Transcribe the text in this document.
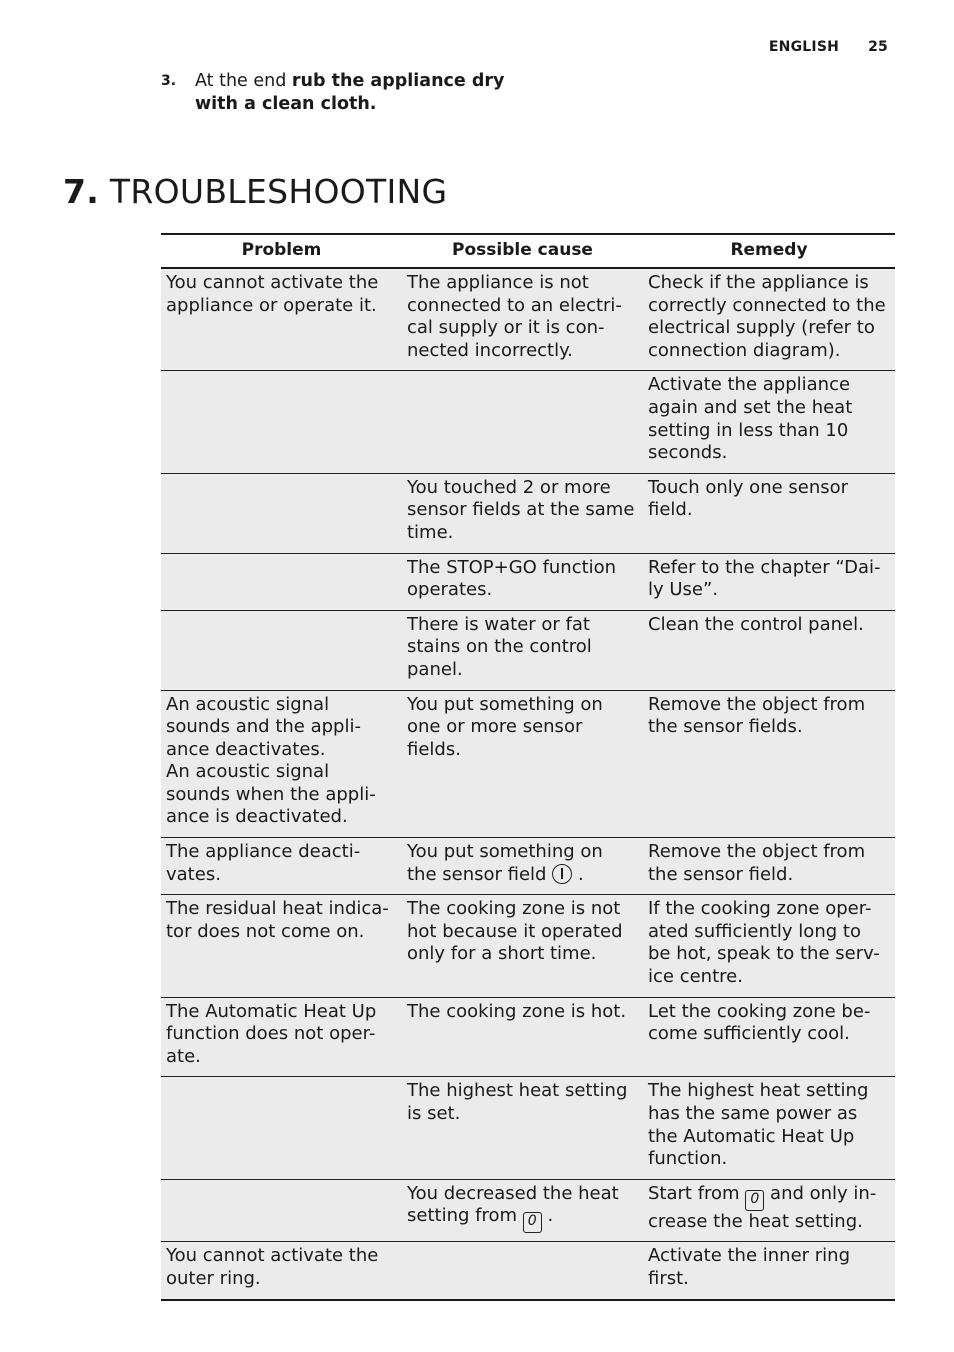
ENGLISH 25
3. At the end rub the appliance dry with a clean cloth.
7. TROUBLESHOOTING
Problem	Possible cause	Remedy
You cannot activate the appliance or operate it.	The appliance is not connected to an electri-cal supply or it is con-nected incorrectly.	Check if the appliance is correctly connected to the electrical supply (refer to connection diagram).
		Activate the appliance again and set the heat setting in less than 10 seconds.
	You touched 2 or more sensor fields at the same time.	Touch only one sensor field.
	The STOP+GO function operates.	Refer to the chapter “Dai-ly Use”.
	There is water or fat stains on the control panel.	Clean the control panel.

An acoustic signal sounds and the appli-ance deactivates.
An acoustic signal sounds when the appli-ance is deactivated.	You put something on one or more sensor fields.	Remove the object from the sensor fields.
The appliance deacti-vates.	You put something on the sensor field  .	Remove the object from the sensor field.
The residual heat indica-tor does not come on.	The cooking zone is not hot because it operated only for a short time.	If the cooking zone oper-ated sufficiently long to be hot, speak to the serv-ice centre.
The Automatic Heat Up function does not oper-ate.	The cooking zone is hot.	Let the cooking zone be-come sufficiently cool.
	The highest heat setting is set.	The highest heat setting has the same power as the Automatic Heat Up function.
	You decreased the heat setting from 0 .	Start from 0 and only in-crease the heat setting.
You cannot activate the outer ring.		Activate the inner ring first.
